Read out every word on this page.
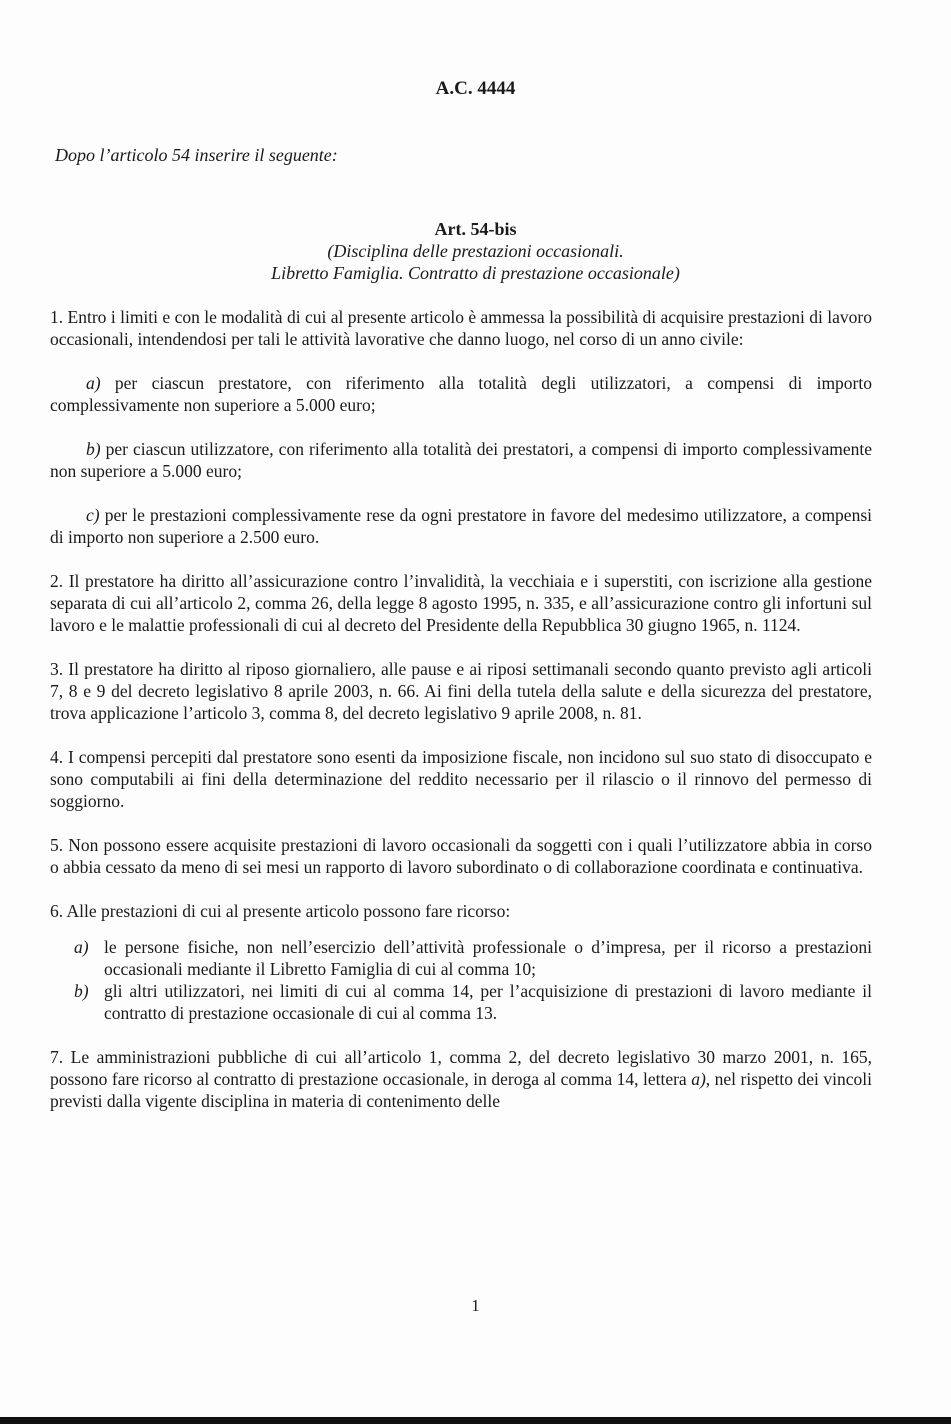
A.C. 4444
Dopo l’articolo 54 inserire il seguente:
Art. 54-bis
(Disciplina delle prestazioni occasionali.
Libretto Famiglia. Contratto di prestazione occasionale)

1. Entro i limiti e con le modalità di cui al presente articolo è ammessa la possibilità di acquisire prestazioni di lavoro occasionali, intendendosi per tali le attività lavorative che danno luogo, nel corso di un anno civile:

a) per ciascun prestatore, con riferimento alla totalità degli utilizzatori, a compensi di importo complessivamente non superiore a 5.000 euro;

b) per ciascun utilizzatore, con riferimento alla totalità dei prestatori, a compensi di importo complessivamente non superiore a 5.000 euro;

c) per le prestazioni complessivamente rese da ogni prestatore in favore del medesimo utilizzatore, a compensi di importo non superiore a 2.500 euro.

2. Il prestatore ha diritto all’assicurazione contro l’invalidità, la vecchiaia e i superstiti, con iscrizione alla gestione separata di cui all’articolo 2, comma 26, della legge 8 agosto 1995, n. 335, e all’assicurazione contro gli infortuni sul lavoro e le malattie professionali di cui al decreto del Presidente della Repubblica 30 giugno 1965, n. 1124.

3. Il prestatore ha diritto al riposo giornaliero, alle pause e ai riposi settimanali secondo quanto previsto agli articoli 7, 8 e 9 del decreto legislativo 8 aprile 2003, n. 66. Ai fini della tutela della salute e della sicurezza del prestatore, trova applicazione l’articolo 3, comma 8, del decreto legislativo 9 aprile 2008, n. 81.

4. I compensi percepiti dal prestatore sono esenti da imposizione fiscale, non incidono sul suo stato di disoccupato e sono computabili ai fini della determinazione del reddito necessario per il rilascio o il rinnovo del permesso di soggiorno.

5. Non possono essere acquisite prestazioni di lavoro occasionali da soggetti con i quali l’utilizzatore abbia in corso o abbia cessato da meno di sei mesi un rapporto di lavoro subordinato o di collaborazione coordinata e continuativa.

6. Alle prestazioni di cui al presente articolo possono fare ricorso:

a) le persone fisiche, non nell’esercizio dell’attività professionale o d’impresa, per il ricorso a prestazioni occasionali mediante il Libretto Famiglia di cui al comma 10;
b) gli altri utilizzatori, nei limiti di cui al comma 14, per l’acquisizione di prestazioni di lavoro mediante il contratto di prestazione occasionale di cui al comma 13.

7. Le amministrazioni pubbliche di cui all’articolo 1, comma 2, del decreto legislativo 30 marzo 2001, n. 165, possono fare ricorso al contratto di prestazione occasionale, in deroga al comma 14, lettera a), nel rispetto dei vincoli previsti dalla vigente disciplina in materia di contenimento delle

1
